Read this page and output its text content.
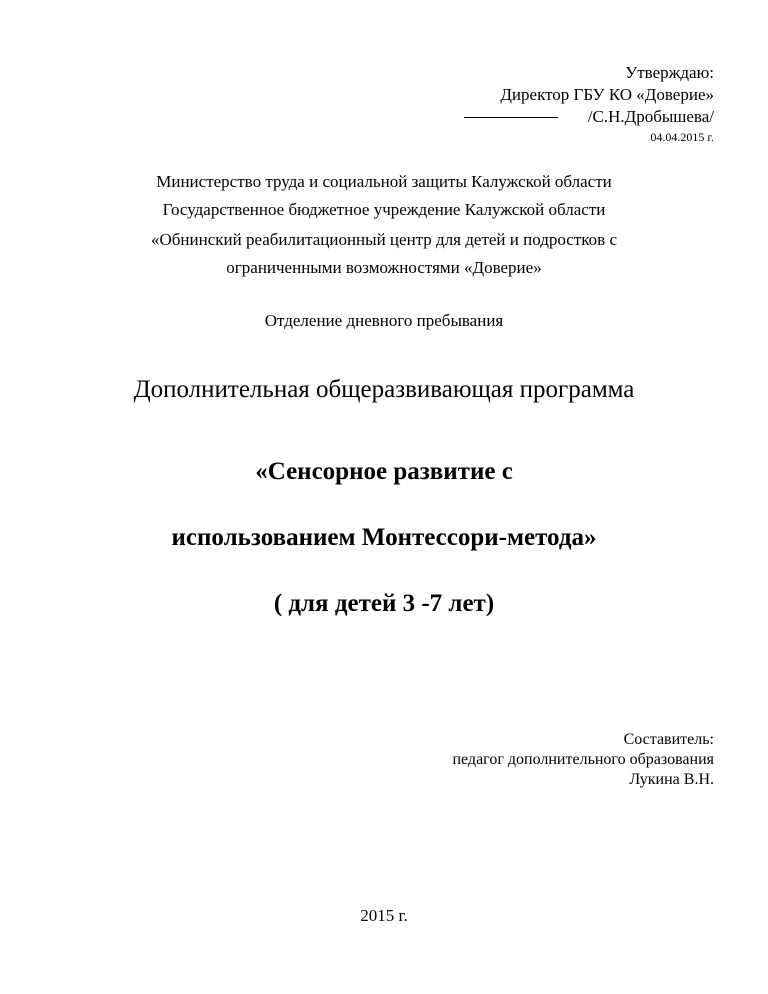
Утверждаю:
Директор ГБУ КО «Доверие»
/С.Н.Дробышева/
04.04.2015 г.

Министерство труда и социальной защиты Калужской области

Государственное бюджетное учреждение Калужской области

«Обнинский реабилитационный центр для детей и подростков с

ограниченными возможностями «Доверие»

Отделение дневного пребывания

Дополнительная общеразвивающая программа

«Сенсорное развитие с

использованием Монтессори-метода»

( для детей 3 -7 лет)

Составитель:
педагог дополнительного образования
Лукина В.Н.

2015 г.
